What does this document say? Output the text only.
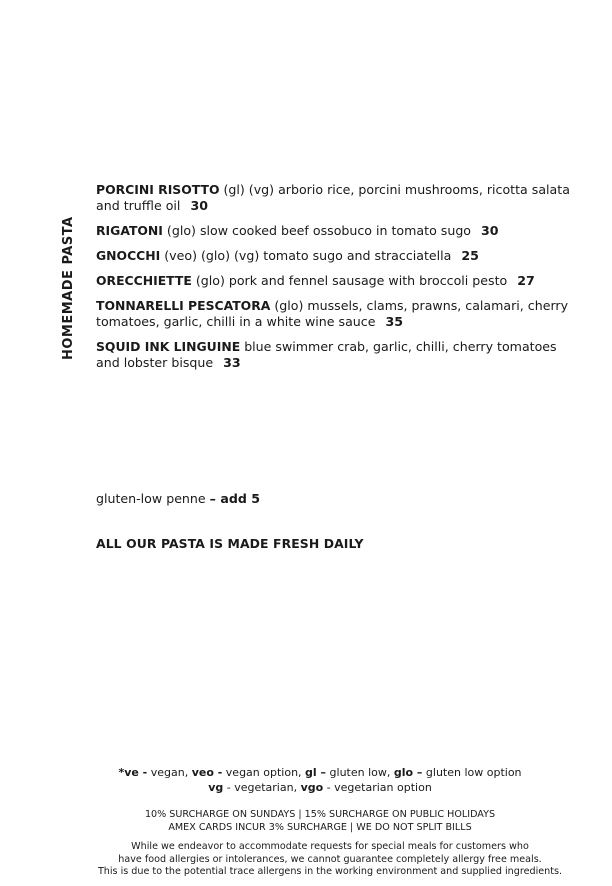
HOMEMADE PASTA
PORCINI RISOTTO (gl) (vg) arborio rice, porcini mushrooms, ricotta salata and truffle oil 30
RIGATONI (glo) slow cooked beef ossobuco in tomato sugo 30
GNOCCHI (veo) (glo) (vg) tomato sugo and stracciatella 25
ORECCHIETTE (glo) pork and fennel sausage with broccoli pesto 27
TONNARELLI PESCATORA (glo) mussels, clams, prawns, calamari, cherry tomatoes, garlic, chilli in a white wine sauce 35
SQUID INK LINGUINE blue swimmer crab, garlic, chilli, cherry tomatoes and lobster bisque 33
gluten-low penne – add 5
ALL OUR PASTA IS MADE FRESH DAILY
*ve - vegan, veo - vegan option, gl – gluten low, glo – gluten low option
vg - vegetarian, vgo - vegetarian option
10% SURCHARGE ON SUNDAYS | 15% SURCHARGE ON PUBLIC HOLIDAYS
AMEX CARDS INCUR 3% SURCHARGE | WE DO NOT SPLIT BILLS
While we endeavor to accommodate requests for special meals for customers who
have food allergies or intolerances, we cannot guarantee completely allergy free meals.
This is due to the potential trace allergens in the working environment and supplied ingredients.
